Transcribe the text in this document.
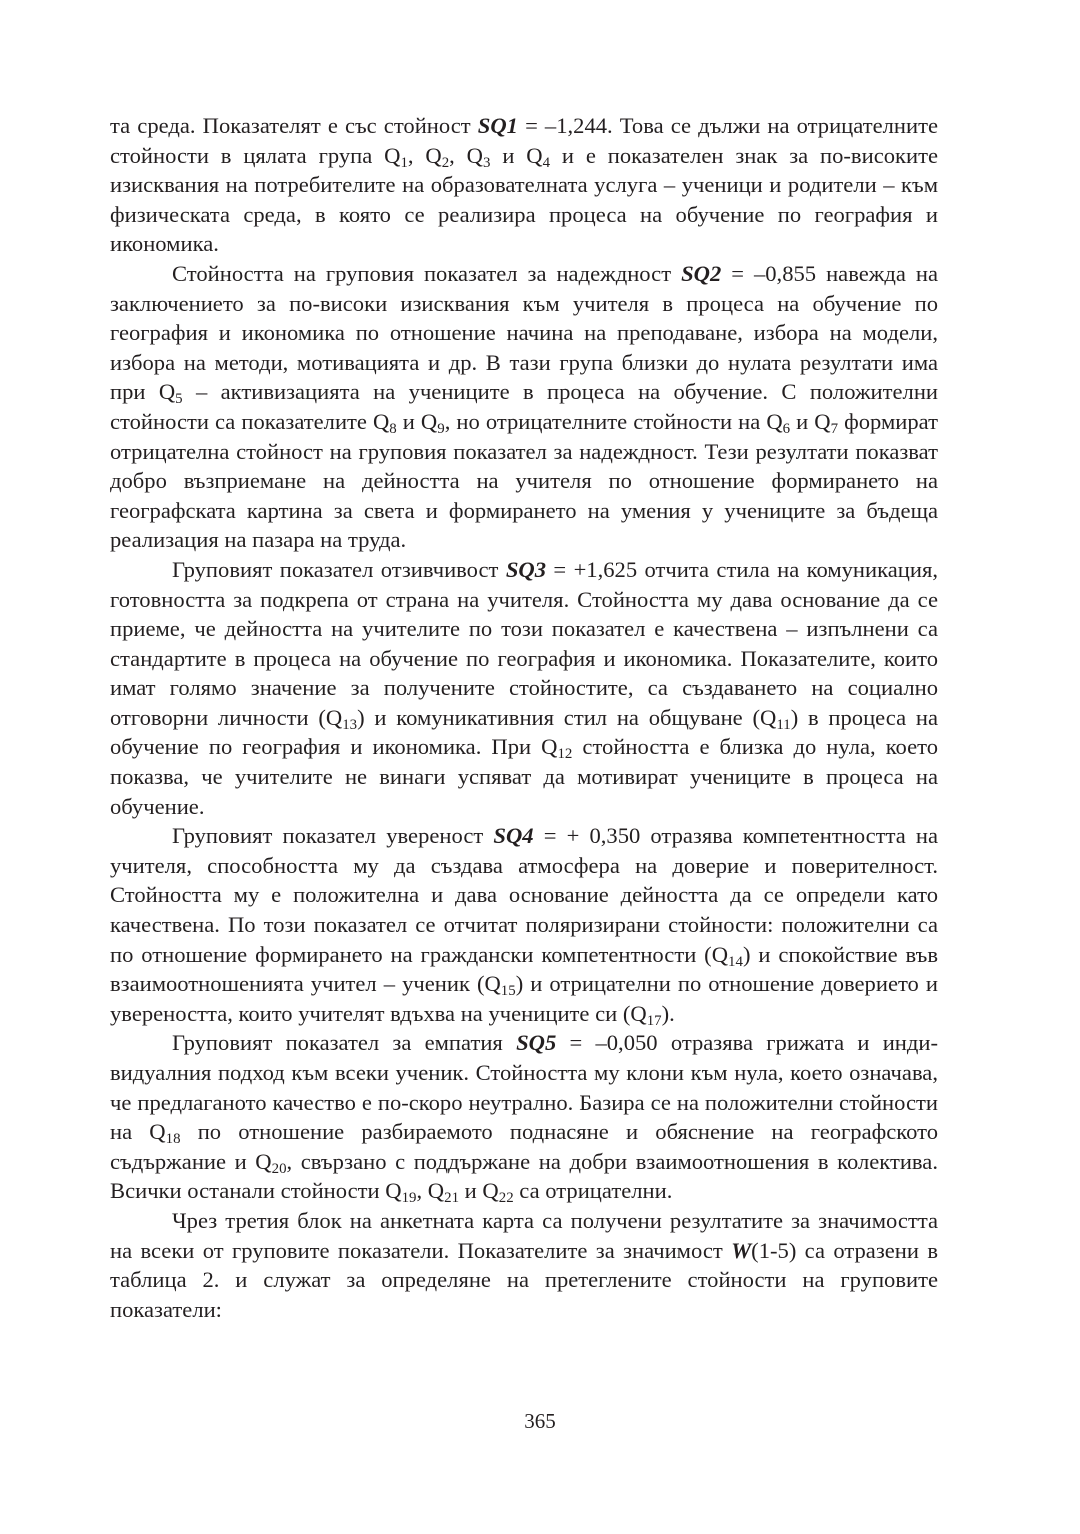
та среда. Показателят е със стойност SQ1 = –1,244. Това се дължи на отрицателните стойности в цялата група $Q_1$, $Q_2$, $Q_3$ и $Q_4$ и е показателен знак за по-високите изисквания на потребителите на образователната услуга – ученици и родители – към физическата среда, в която се реализира процеса на обучение по география и икономика.

Стойността на груповия показател за надеждност SQ2 = –0,855 навежда на заключението за по-високи изисквания към учителя в процеса на обучение по география и икономика по отношение начина на преподаване, избора на модели, избора на методи, мотивацията и др. В тази група близки до нулата резултати има при $Q_5$ – активизацията на учениците в процеса на обучение. С положителни стойности са показателите $Q_8$ и $Q_9$, но отрицателните стойности на $Q_6$ и $Q_7$ формират отрицателна стойност на груповия показател за надеждност. Тези резултати показват добро възприемане на дейността на учителя по отношение формирането на географската картина за света и формирането на умения у учениците за бъдеща реализация на пазара на труда.

Груповият показател отзивчивост SQ3 = +1,625 отчита стила на комуникация, готовността за подкрепа от страна на учителя. Стойността му дава основание да се приеме, че дейността на учителите по този показател е качествена – изпълнени са стандартите в процеса на обучение по география и икономика. Показателите, които имат голямо значение за получените стойностите, са създаването на социално отговорни личности $(Q_{13})$ и комуникативния стил на общуване $(Q_{11})$ в процеса на обучение по география и икономика. При $Q_{12}$ стойността е близка до нула, което показва, че учителите не винаги успяват да мотивират учениците в процеса на обучение.

Груповият показател увереност SQ4 = + 0,350 отразява компетентността на учителя, способността му да създава атмосфера на доверие и поверителност. Стойността му е положителна и дава основание дейността да се определи като качествена. По този показател се отчитат поляризирани стойности: положителни са по отношение формирането на граждански компетентности $(Q_{14})$ и спокойствие във взаимоотношенията учител – ученик $(Q_{15})$ и отрицателни по отношение доверието и увереността, които учителят вдъхва на учениците си $(Q_{17})$.

Груповият показател за емпатия SQ5 = –0,050 отразява грижата и индивидуалния подход към всеки ученик. Стойността му клони към нула, което означава, че предлаганото качество е по-скоро неутрално. Базира се на положителни стойности на $Q_{18}$ по отношение разбираемото поднасяне и обяснение на географското съдържание и $Q_{20}$, свързано с поддържане на добри взаимоотношения в колектива. Всички останали стойности $Q_{19}$, $Q_{21}$ и $Q_{22}$ са отрицателни.

Чрез третия блок на анкетната карта са получени резултатите за значимостта на всеки от груповите показатели. Показателите за значимост W(1-5) са отразени в таблица 2. и служат за определяне на претеглените стойности на груповите показатели:

365
